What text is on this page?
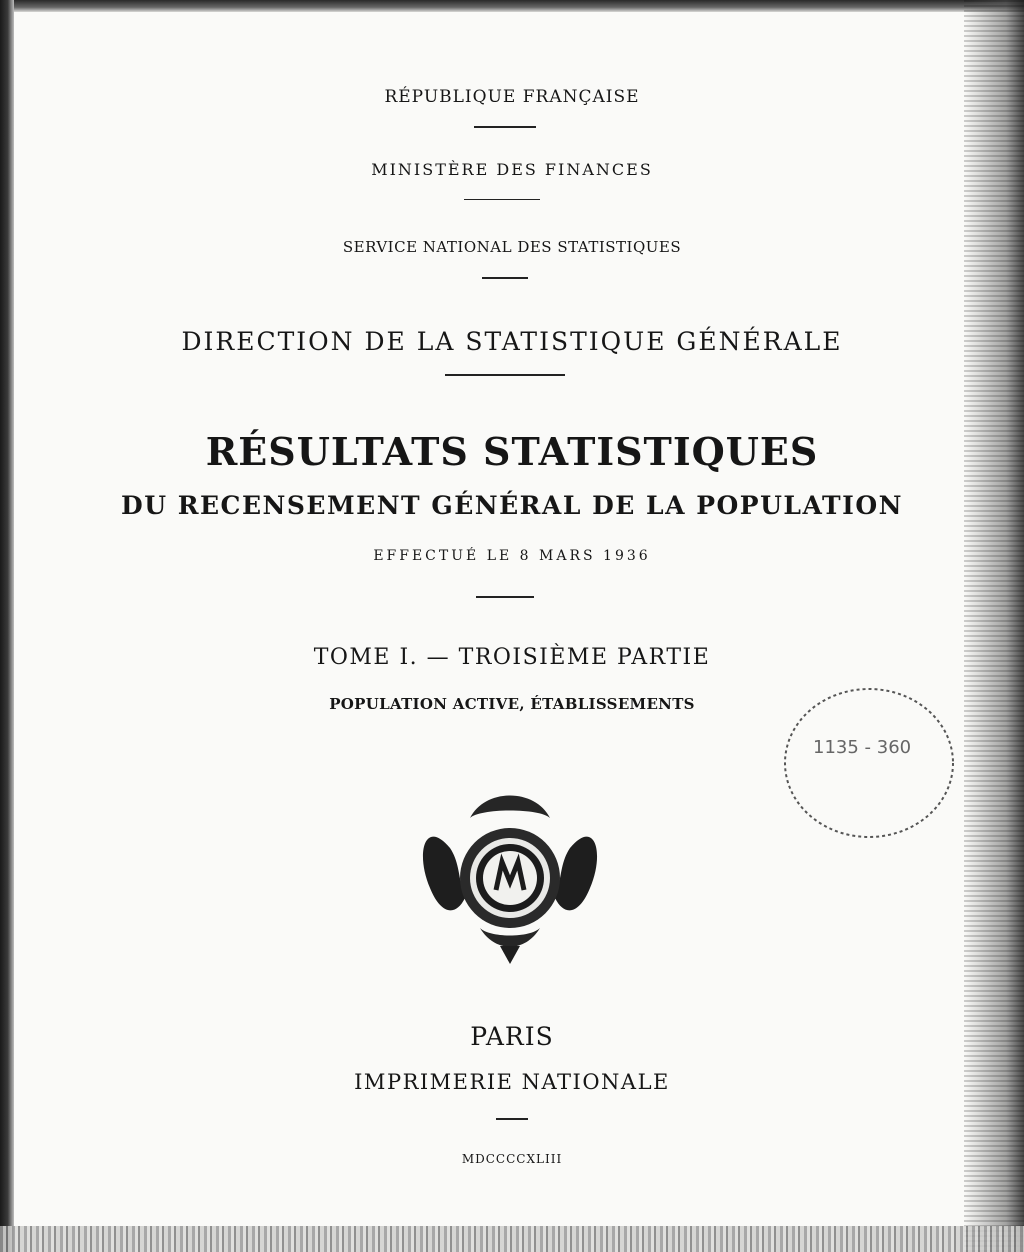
RÉPUBLIQUE FRANÇAISE
MINISTÈRE DES FINANCES
SERVICE NATIONAL DES STATISTIQUES
DIRECTION DE LA STATISTIQUE GÉNÉRALE
RÉSULTATS STATISTIQUES
DU RECENSEMENT GÉNÉRAL DE LA POPULATION
EFFECTUÉ LE 8 MARS 1936
TOME I. — TROISIÈME PARTIE
POPULATION ACTIVE, ÉTABLISSEMENTS
1135 - 360
PARIS
IMPRIMERIE NATIONALE
MDCCCCXLIII
